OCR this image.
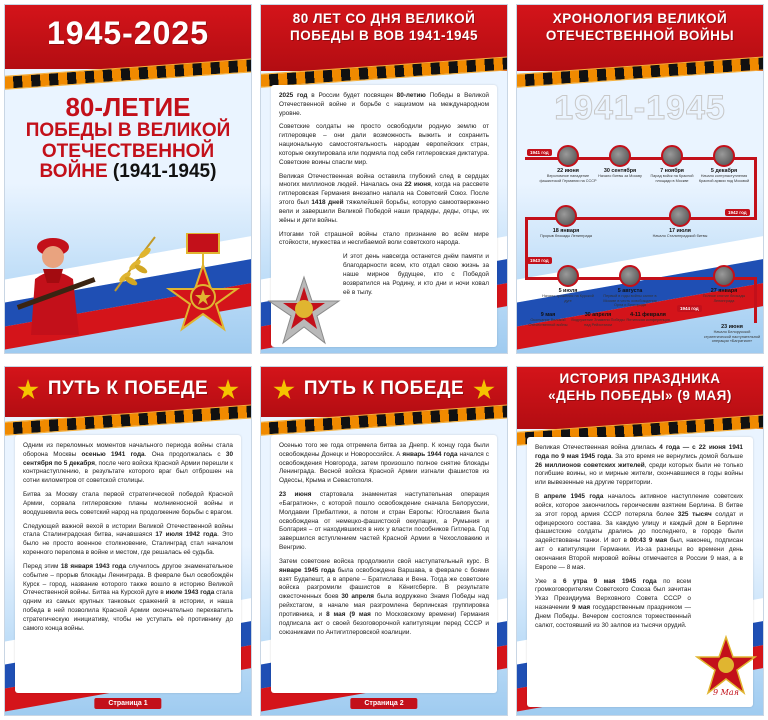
1945-2025
80-ЛЕТИЕ
ПОБЕДЫ В ВЕЛИКОЙ
ОТЕЧЕСТВЕННОЙ
ВОЙНЕ (1941-1945)
80 ЛЕТ СО ДНЯ ВЕЛИКОЙ
ПОБЕДЫ В ВОВ 1941-1945

2025 год в России будет посвящен 80-летию Победы в Великой Отечественной войне и борьбе с нацизмом на международном уровне.

Советские солдаты не просто освободили родную землю от гитлеровцев – они дали возможность выжить и сохранить национальную самостоятельность народам европейских стран, которые оккупировала или подмяла под себя гитлеровская диктатура. Советские воины спасли мир.

Великая Отечественная война оставила глубокий след в сердцах многих миллионов людей. Началась она 22 июня, когда на рассвете гитлеровская Германия внезапно напала на Советский Союз. После этого был 1418 дней тяжелейшей борьбы, которую самоотверженно вели и завершили Великой Победой наши прадеды, деды, отцы, их жёны и дети войны.

Итогами той страшной войны стало признание во всём мире стойкости, мужества и несгибаемой воли советского народа.

И этот день навсегда останется днём памяти и благодарности всем, кто отдал свою жизнь за наше мирное будущее, кто с Победой возвратился на Родину, и кто дни и ночи ковал её в тылу.

ХРОНОЛОГИЯ ВЕЛИКОЙ
ОТЕЧЕСТВЕННОЙ ВОЙНЫ
1941-1945
1941 год
1942 год
1943 год
1944 год
22 июня
Вероломное нападение фашистской Германии на СССР
30 сентября
Начало битвы за Москву
7 ноября
Парад войск на Красной площади в Москве
5 декабря
Начало контрнаступления Красной армии под Москвой
18 января
Прорыв блокады Ленинграда
17 июля
Начало Сталинградской битвы
5 июля
Начало сражения на Курской дуге
5 августа
Первый в годы войны салют в Москве в честь освобождения Орла и Белгорода
27 января
Полное снятие блокады Ленинграда
9 мая
Окончание Великой Отечественной войны
30 апреля
Водружение Знамени Победы над Рейхстагом
4-11 февраля
Ялтинская конференция
23 июня
Начало Белорусской стратегической наступательной операции «Багратион»
ПУТЬ К ПОБЕДЕ

Одним из переломных моментов начального периода войны стала оборона Москвы осенью 1941 года. Она продолжалась с 30 сентября по 5 декабря, после чего войска Красной Армии перешли к контрнаступлению, в результате которого враг был отброшен на сотни километров от советской столицы.

Битва за Москву стала первой стратегической победой Красной Армии, сорвала гитлеровские планы молниеносной войны и воодушевила весь советский народ на продолжение борьбы с врагом.

Следующей важной вехой в истории Великой Отечественной войны стала Сталинградская битва, начавшаяся 17 июля 1942 года. Это было не просто военное столкновение, Сталинград стал началом коренного перелома в войне и местом, где решалась её судьба.

Перед этим 18 января 1943 года случилось другое знаменательное событие – прорыв блокады Ленинграда. В феврале был освобождён Курск – город, название которого также вошло в историю Великой Отечественной войны. Битва на Курской дуге в июле 1943 года стала одним из самых крупных танковых сражений в истории, и наша победа в ней позволила Красной Армии окончательно перехватить стратегическую инициативу, чтобы не уступать её противнику до самого конца войны.

Страница 1
ПУТЬ К ПОБЕДЕ

Осенью того же года отгремела битва за Днепр. К концу года были освобождены Донецк и Новороссийск. А январь 1944 года начался с освобождения Новгорода, затем произошло полное снятие блокады Ленинграда. Весной войска Красной Армии изгнали фашистов из Одессы, Крыма и Севастополя.

23 июня стартовала знаменитая наступательная операция «Багратион», с которой пошло освобождение сначала Белоруссии, Молдавии Прибалтики, а потом и стран Европы: Югославия была освобождена от немецко-фашистской оккупации, а Румыния и Болгария – от находившихся в них у власти пособников Гитлера. Год завершился вступлением частей Красной Армии в Чехословакию и Венгрию.

Затем советские войска продолжили свой наступательный курс. В январе 1945 года была освобождена Варшава, в феврале с боями взят Будапешт, а в апреле – Братислава и Вена. Тогда же советские войска разгромили фашистов в Кёнигсберге. В результате ожесточенных боев 30 апреля была водружено Знамя Победы над рейхстагом, в начале мая разгромлена берлинская группировка противника, и 8 мая (9 мая по Московскому времени) Германия подписала акт о своей безоговорочной капитуляции перед СССР и союзниками по Антигитлеровской коалиции.

Страница 2
ИСТОРИЯ ПРАЗДНИКА
«ДЕНЬ ПОБЕДЫ» (9 МАЯ)

Великая Отечественная война длилась 4 года — с 22 июня 1941 года по 9 мая 1945 года. За это время не вернулись домой больше 26 миллионов советских жителей, среди которых были не только погибшие воины, но и мирные жители, скончавшиеся в годы войны или вывезенные на другие территории.

В апреле 1945 года началось активное наступление советских войск, которое закончилось героическим взятием Берлина. В битве за этот город армия СССР потеряла более 325 тысяч солдат и офицерского состава. За каждую улицу и каждый дом в Берлине фашистские солдаты дрались до последнего, в городе были задействованы танки. И вот в 00:43 9 мая был, наконец, подписан акт о капитуляции Германии. Из-за разницы во времени день окончания Второй мировой войны отмечается в России 9 мая, а в Европе — 8 мая.

Уже в 6 утра 9 мая 1945 года по всем громкоговорителям Советского Союза был зачитан Указ Президиума Верховного Совета СССР о назначении 9 мая государственным праздником — Днем Победы. Вечером состоялся торжественный салют, состоявший из 30 залпов из тысячи орудий.

9 Мая
